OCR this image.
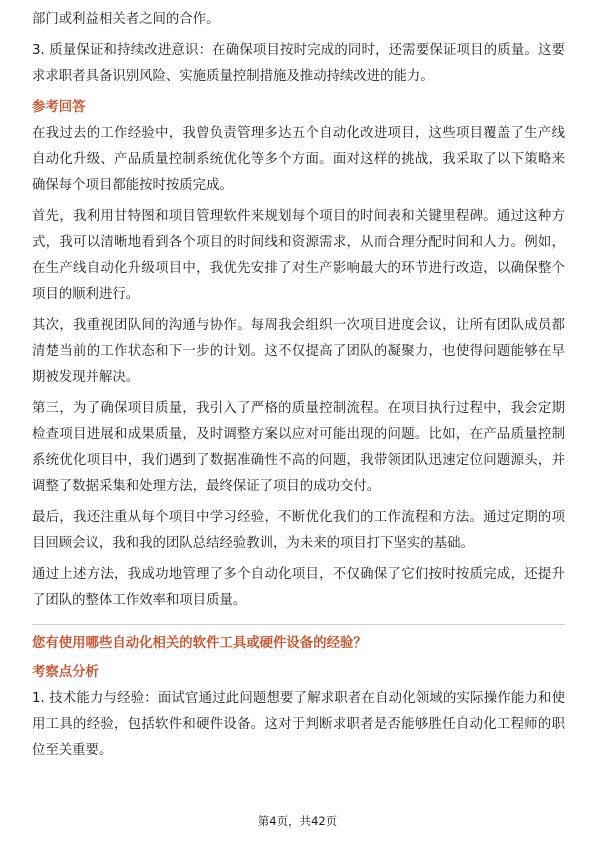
部门或利益相关者之间的合作。

3. 质量保证和持续改进意识：在确保项目按时完成的同时，还需要保证项目的质量。这要求求职者具备识别风险、实施质量控制措施及推动持续改进的能力。

参考回答

在我过去的工作经验中，我曾负责管理多达五个自动化改进项目，这些项目覆盖了生产线自动化升级、产品质量控制系统优化等多个方面。面对这样的挑战，我采取了以下策略来确保每个项目都能按时按质完成。

首先，我利用甘特图和项目管理软件来规划每个项目的时间表和关键里程碑。通过这种方式，我可以清晰地看到各个项目的时间线和资源需求，从而合理分配时间和人力。例如，在生产线自动化升级项目中，我优先安排了对生产影响最大的环节进行改造，以确保整个项目的顺利进行。

其次，我重视团队间的沟通与协作。每周我会组织一次项目进度会议，让所有团队成员都清楚当前的工作状态和下一步的计划。这不仅提高了团队的凝聚力，也使得问题能够在早期被发现并解决。

第三，为了确保项目质量，我引入了严格的质量控制流程。在项目执行过程中，我会定期检查项目进展和成果质量，及时调整方案以应对可能出现的问题。比如，在产品质量控制系统优化项目中，我们遇到了数据准确性不高的问题，我带领团队迅速定位问题源头，并调整了数据采集和处理方法，最终保证了项目的成功交付。

最后，我还注重从每个项目中学习经验，不断优化我们的工作流程和方法。通过定期的项目回顾会议，我和我的团队总结经验教训，为未来的项目打下坚实的基础。

通过上述方法，我成功地管理了多个自动化项目，不仅确保了它们按时按质完成，还提升了团队的整体工作效率和项目质量。

您有使用哪些自动化相关的软件工具或硬件设备的经验？

考察点分析

1. 技术能力与经验：面试官通过此问题想要了解求职者在自动化领域的实际操作能力和使用工具的经验，包括软件和硬件设备。这对于判断求职者是否能够胜任自动化工程师的职位至关重要。

第4页，共42页
